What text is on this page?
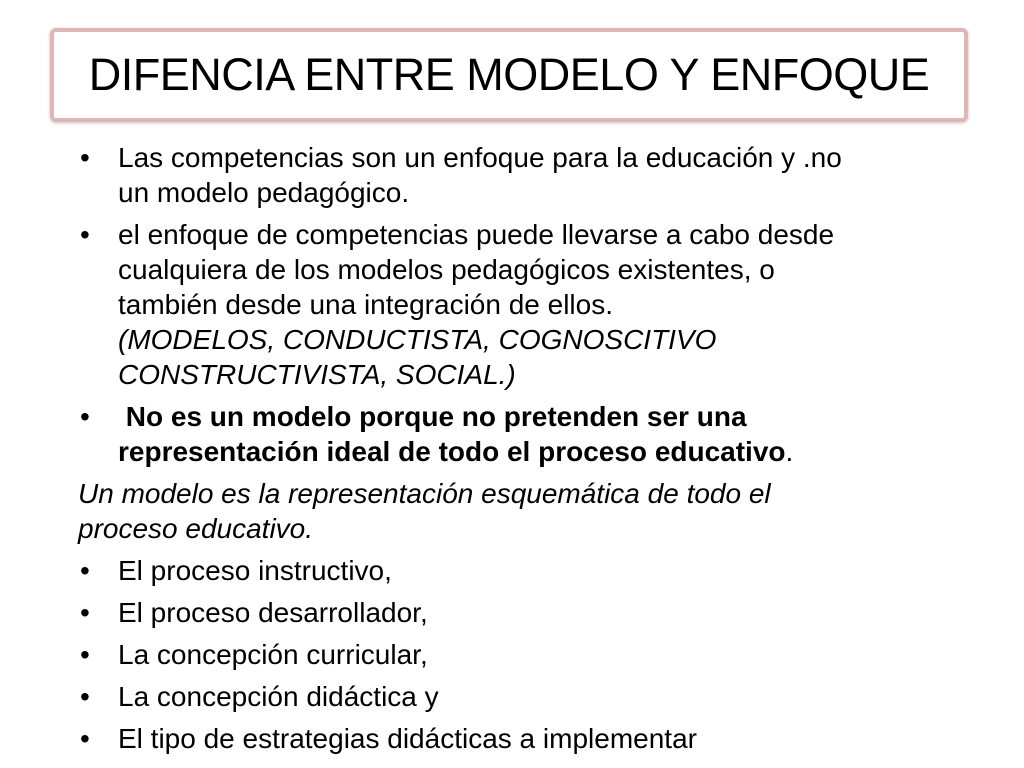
DIFENCIA ENTRE MODELO Y ENFOQUE
•	Las competencias son un enfoque para la educación y .no
un modelo pedagógico.
•	el enfoque de competencias puede llevarse a cabo desde
cualquiera de los modelos pedagógicos existentes, o
también desde una integración de ellos.
(MODELOS, CONDUCTISTA, COGNOSCITIVO
CONSTRUCTIVISTA, SOCIAL.)
•	No es un modelo porque no pretenden ser una
representación ideal de todo el proceso educativo.
Un modelo es la representación esquemática de todo el
proceso educativo.
•	El proceso instructivo,
•	El proceso desarrollador,
•	La concepción curricular,
•	La concepción didáctica y
•	El tipo de estrategias didácticas a implementar
